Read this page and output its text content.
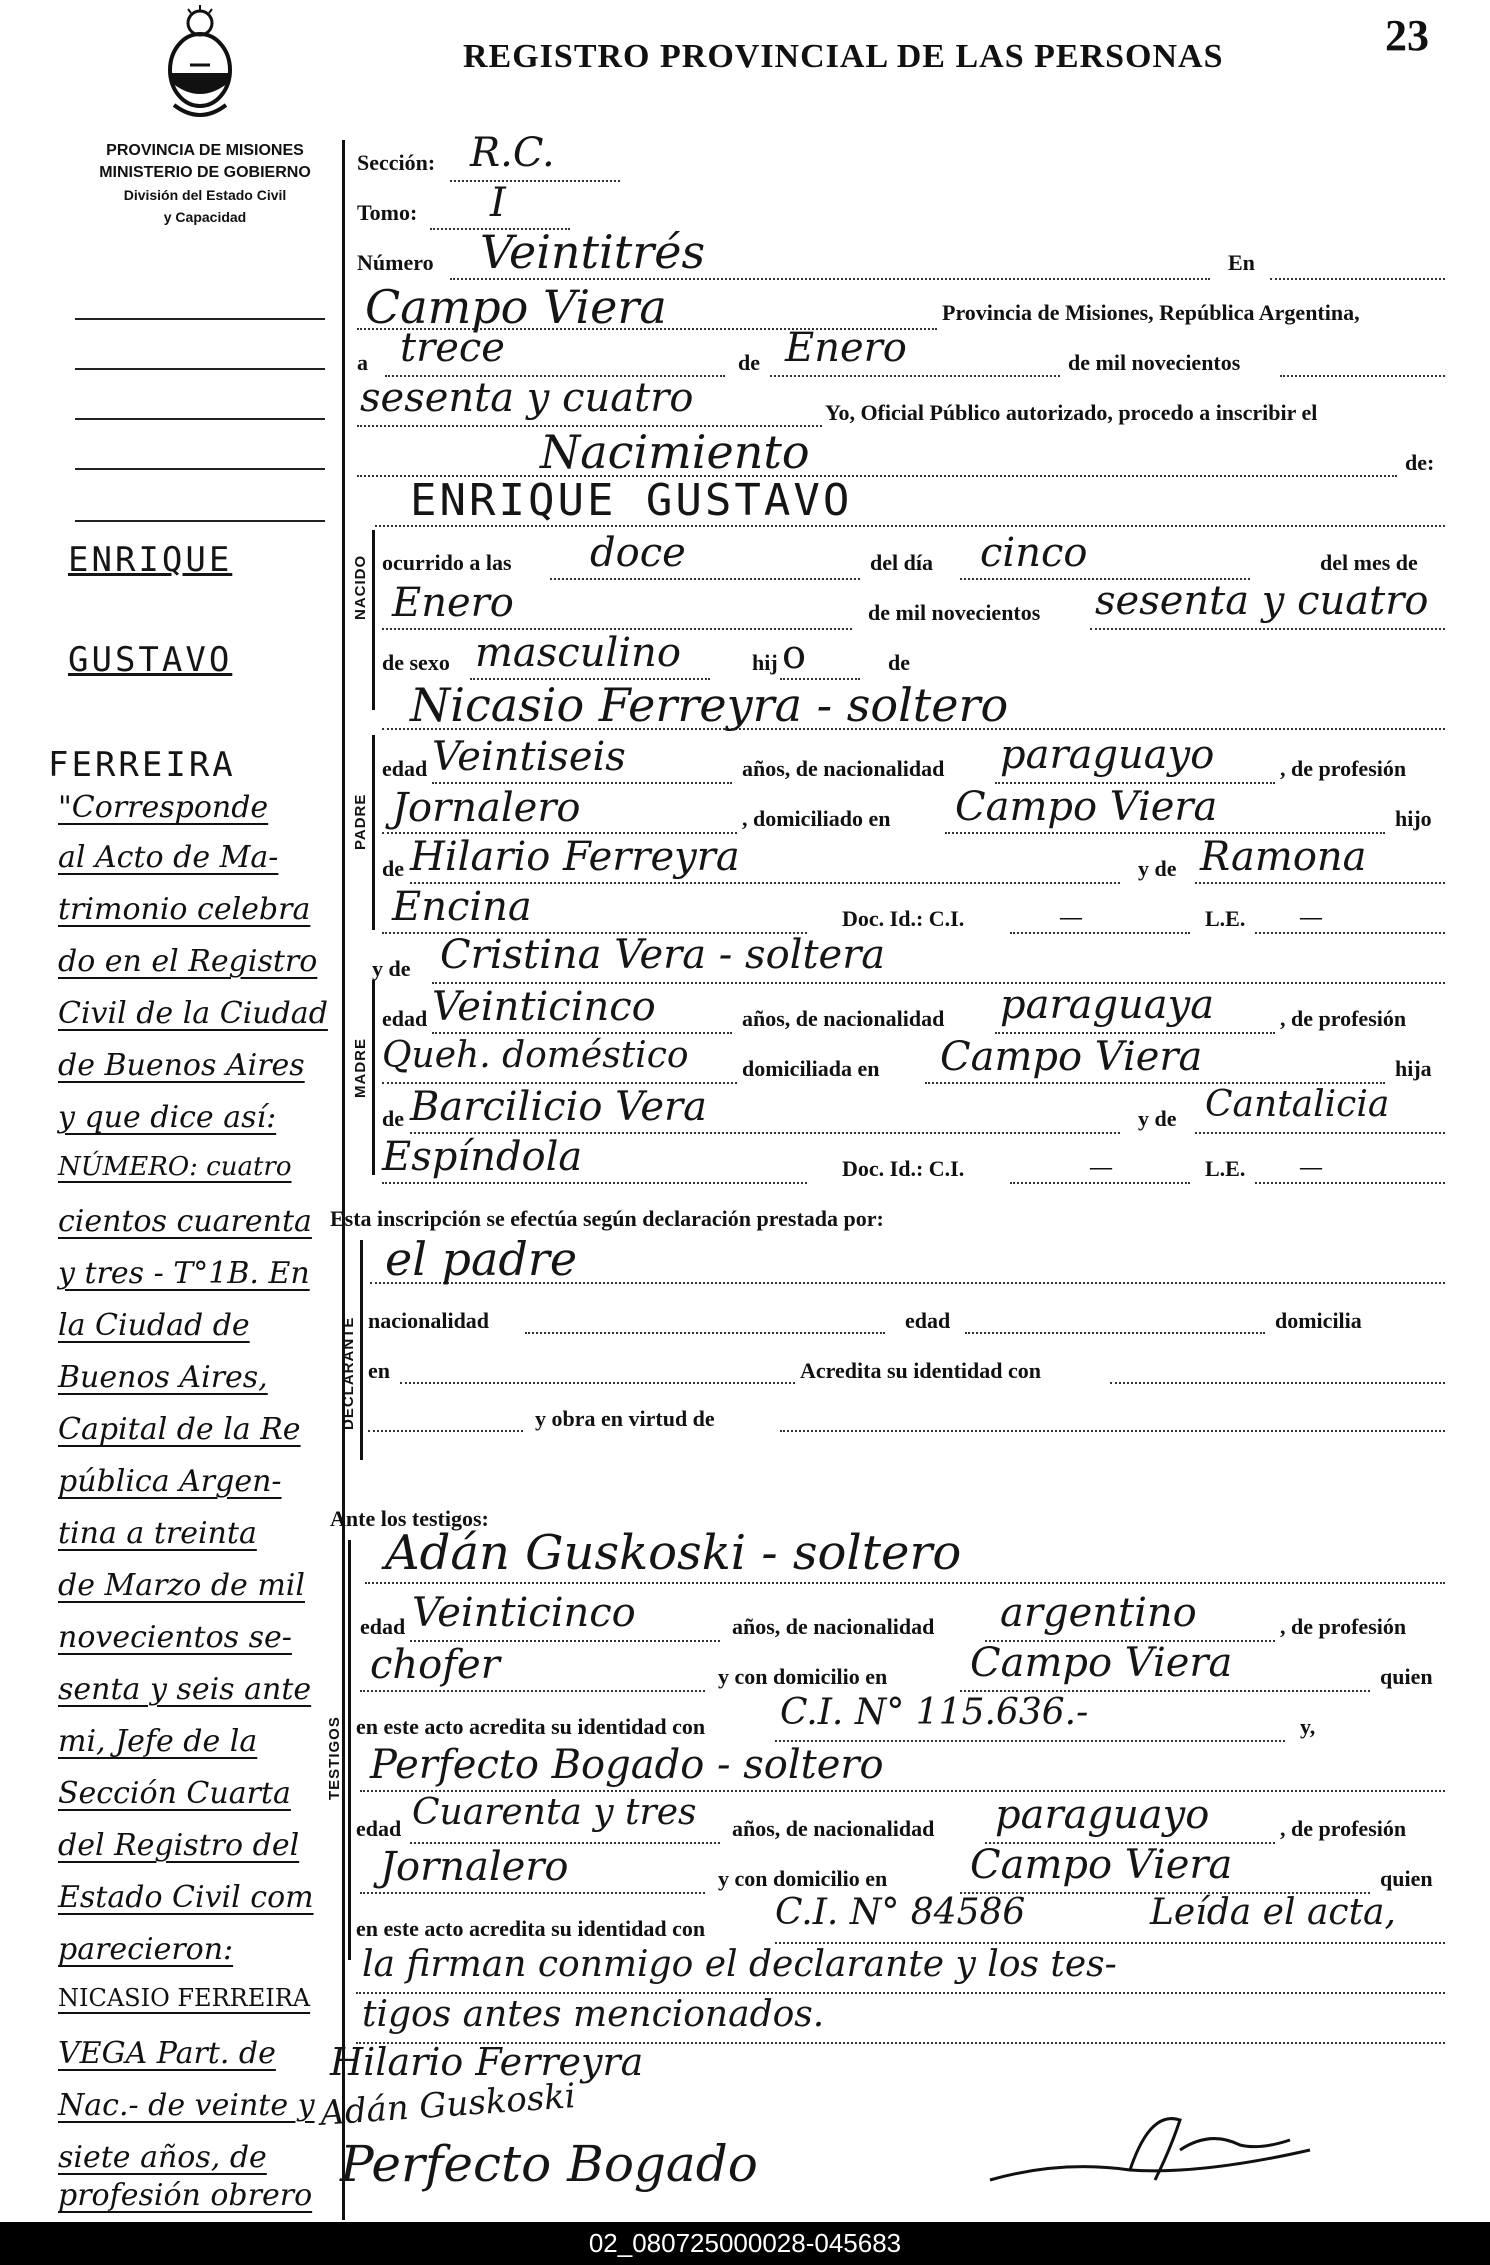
REGISTRO PROVINCIAL DE LAS PERSONAS	23
PROVINCIA DE MISIONES
MINISTERIO DE GOBIERNO
División del Estado Civil
y Capacidad
NACIDO
PADRE
MADRE
DECLARANTE
TESTIGOS
ENRIQUE
GUSTAVO
FERREIRA
"Corresponde
al Acto de Ma-
trimonio celebra
do en el Registro
Civil de la Ciudad
de Buenos Aires
y que dice así:
NÚMERO: cuatro
cientos cuarenta
y tres - T°1B. En
la Ciudad de
Buenos Aires,
Capital de la Re
pública Argen-
tina a treinta
de Marzo de mil
novecientos se-
senta y seis ante
mi, Jefe de la
Sección Cuarta
del Registro del
Estado Civil com
parecieron:
NICASIO FERREIRA
VEGA Part. de
Nac.- de veinte y
siete años, de
profesión obrero
Sección: R.C.
Tomo: I
Número Veintitrés	En
Campo Viera	Provincia de Misiones, República Argentina,
a trece	de Enero	de mil novecientos
sesenta y cuatro	Yo, Oficial Público autorizado, procedo a inscribir el
Nacimiento	de:
ENRIQUE GUSTAVO
ocurrido a las doce	del día cinco	del mes de
Enero	de mil novecientos sesenta y cuatro
de sexo masculino	hij o	de
Nicasio Ferreyra - soltero
edad Veintiseis	años, de nacionalidad paraguayo	, de profesión
Jornalero	, domiciliado en Campo Viera	hijo
de Hilario Ferreyra	y de Ramona
Encina	Doc. Id.: C.I.	—	L.E. —
y de Cristina Vera - soltera
edad Veinticinco	años, de nacionalidad paraguaya	, de profesión
Queh. doméstico domiciliada en Campo Viera	hija
de Barcilicio Vera	y de Cantalicia
Espíndola	Doc. Id.: C.I.	—	L.E. —
Esta inscripción se efectúa según declaración prestada por:
el padre
nacionalidad	edad	domicilia
en	Acredita su identidad con
y obra en virtud de
Ante los testigos:
Adán Guskoski - soltero
edad Veinticinco	años, de nacionalidad argentino	, de profesión
chofer	y con domicilio en Campo Viera	quien
en este acto acredita su identidad con C.I. N° 115.636.-	y,
Perfecto Bogado - soltero
edad Cuarenta y tres años, de nacionalidad paraguayo	, de profesión
Jornalero	y con domicilio en Campo Viera	quien
en este acto acredita su identidad con C.I. N° 84586	Leída el acta,
la firman conmigo el declarante y los tes-
tigos antes mencionados.
Hilario Ferreyra
Adán Guskoski
Perfecto Bogado
02_080725000028-045683
